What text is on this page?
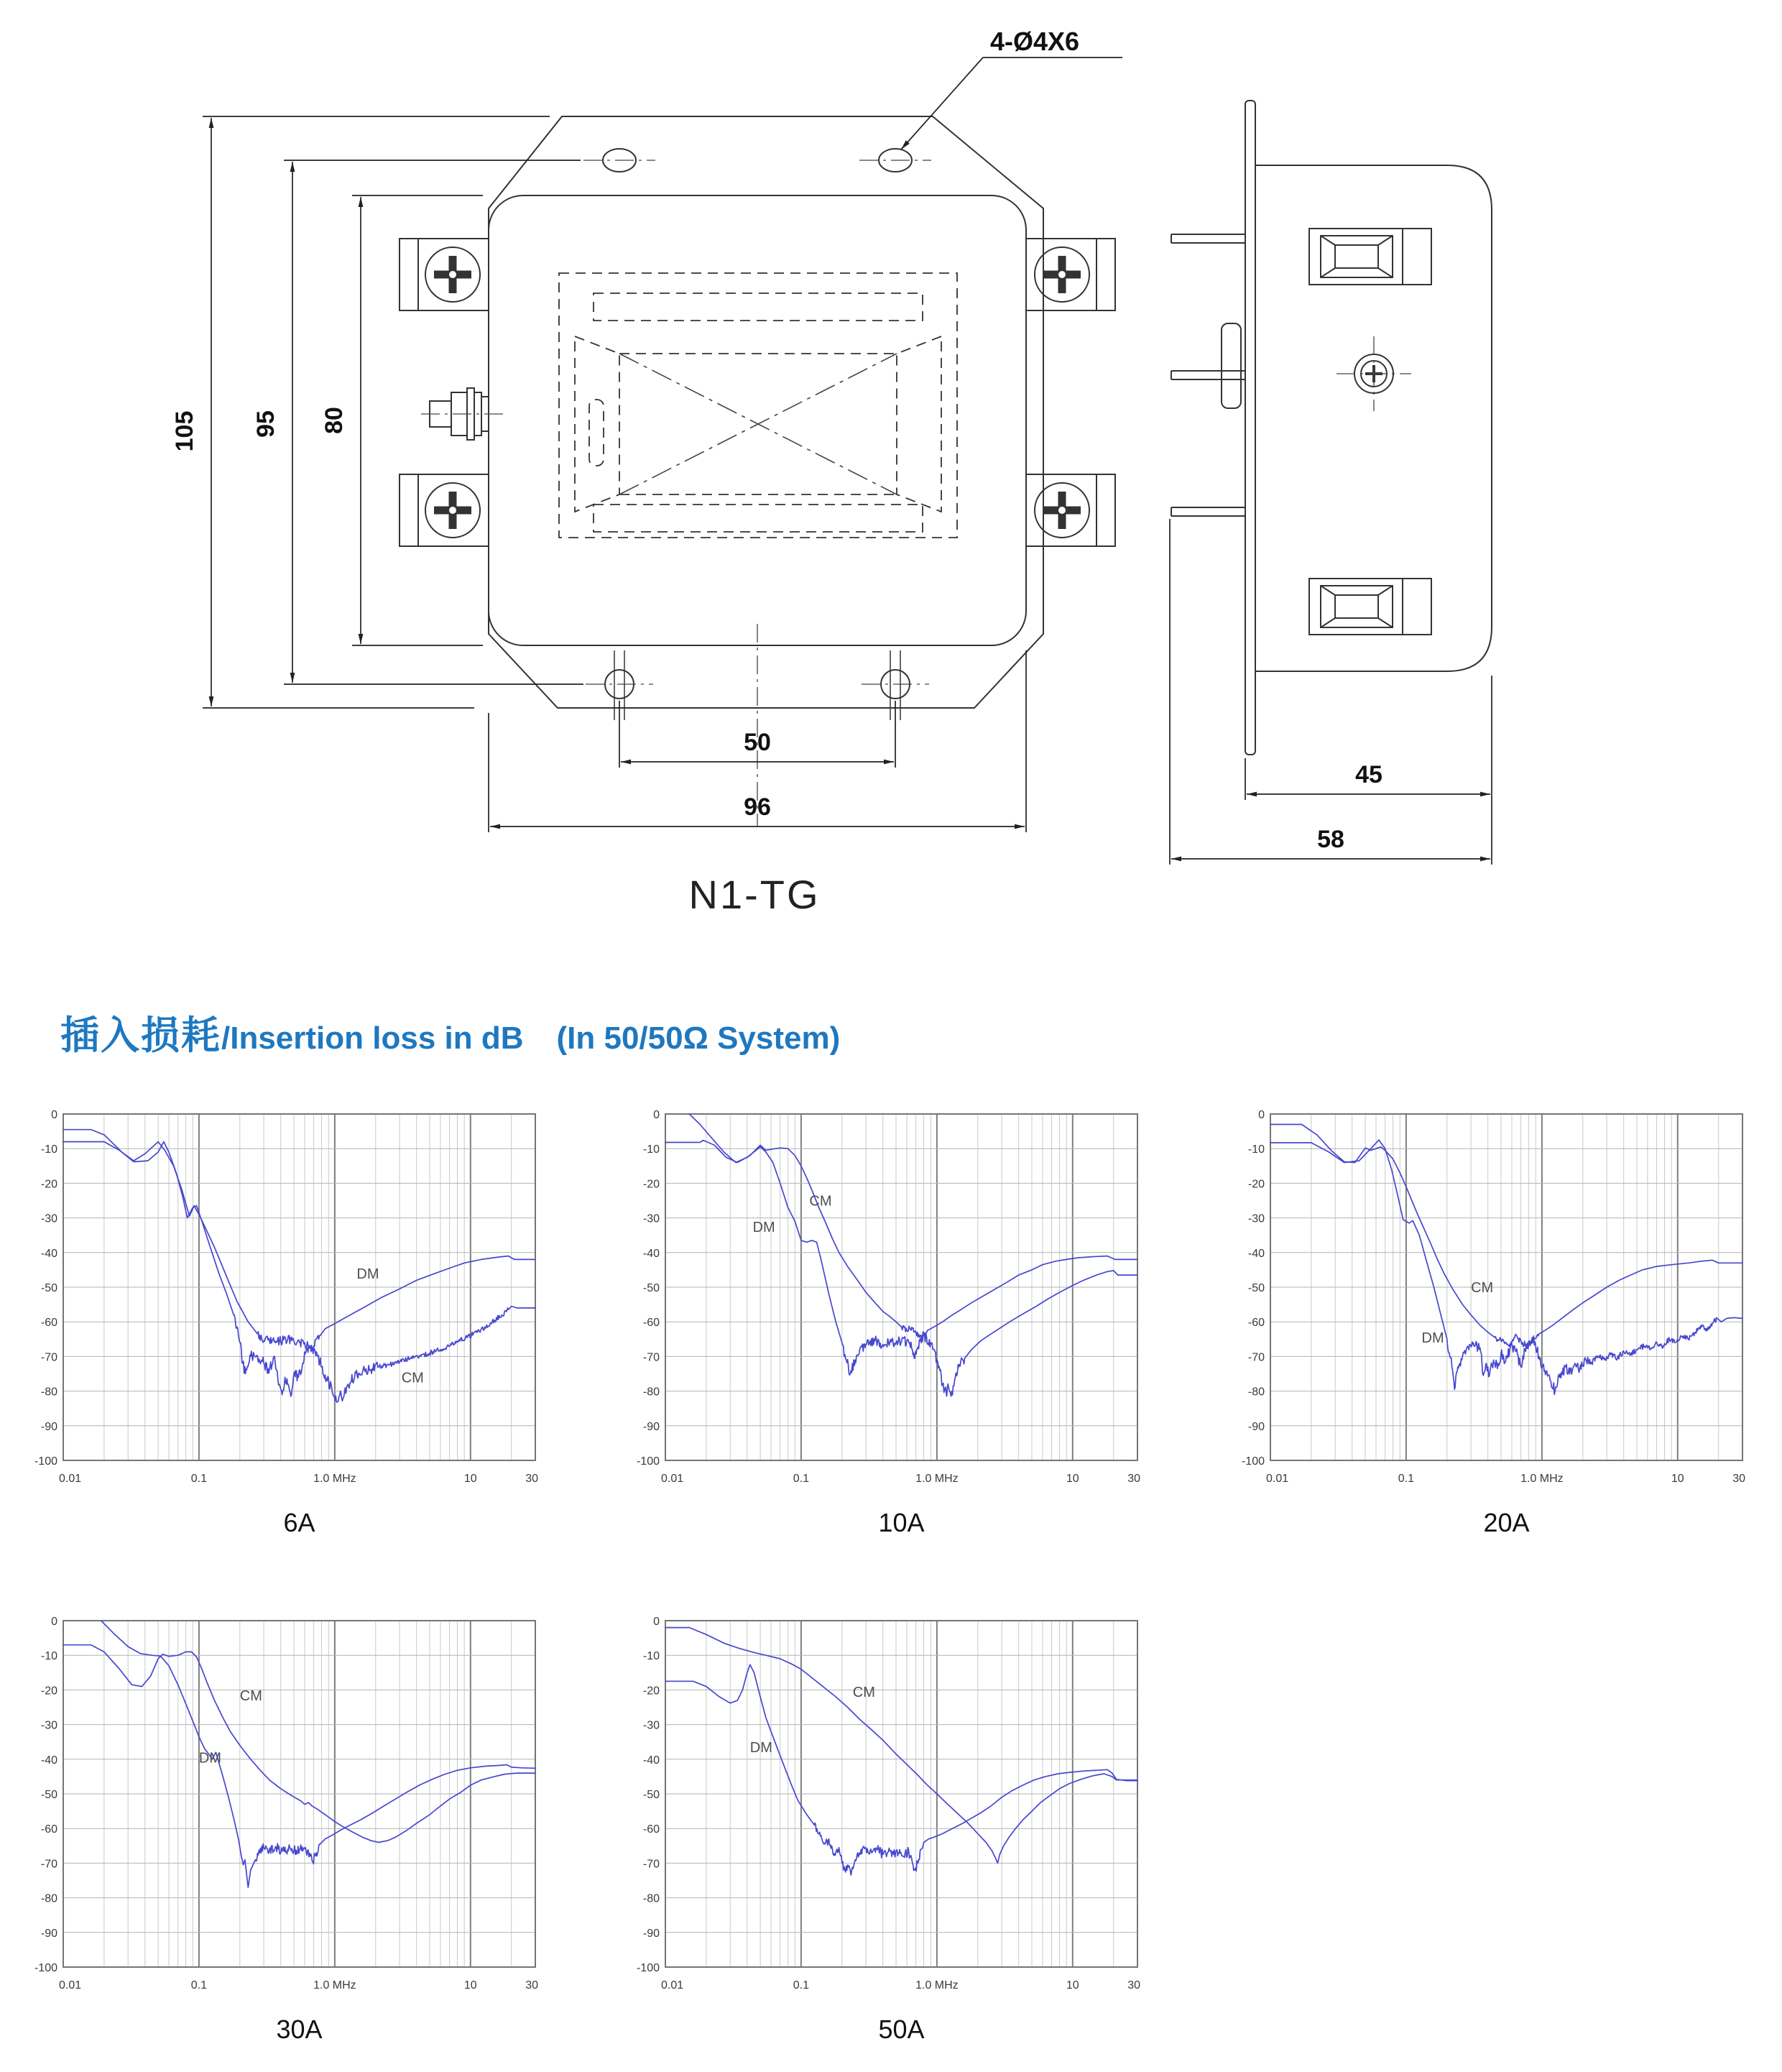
105 95 80
50
96
45
58
4-Ø4X6
N1-TG
插入损耗 /Insertion loss in dB (In 50/50Ω System)
0
-10
-20
-30
-40
-50
-60
-70
-80
-90
-100
0.01	0.1	1.0 MHz	10	30
DM
CM
0
-10
-20
-30
-40
-50
-60
-70
-80
-90
-100
0.01	0.1	1.0 MHz	10	30
CM
DM
0
-10
-20
-30
-40
-50
-60
-70
-80
-90
-100
0.01	0.1	1.0 MHz	10	30
CM
DM
0
-10
-20
-30
-40
-50
-60
-70
-80
-90
-100
0.01	0.1	1.0 MHz	10	30
CM
DM
0
-10
-20
-30
-40
-50
-60
-70
-80
-90
-100
0.01	0.1	1.0 MHz	10	30
CM
DM
6A	10A	20A
30A	50A
